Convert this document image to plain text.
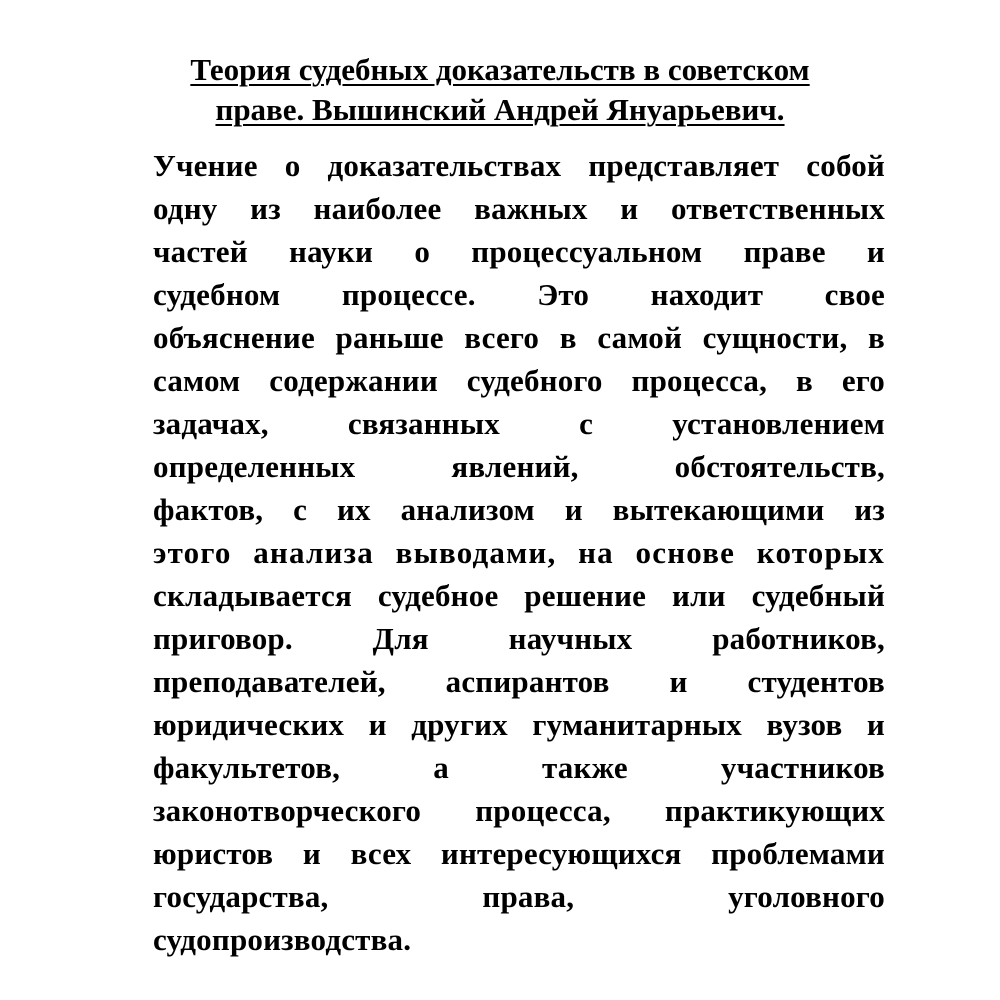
Теория судебных доказательств в советском
праве. Вышинский Андрей Януарьевич.
Учение о доказательствах представляет собой
одну из наиболее важных и ответственных
частей науки о процессуальном праве и
судебном процессе. Это находит свое
объяснение раньше всего в самой сущности, в
самом содержании судебного процесса, в его
задачах, связанных с установлением
определенных явлений, обстоятельств,
фактов, с их анализом и вытекающими из
этого анализа выводами, на основе которых
складывается судебное решение или судебный
приговор. Для научных работников,
преподавателей, аспирантов и студентов
юридических и других гуманитарных вузов и
факультетов, а также участников
законотворческого процесса, практикующих
юристов и всех интересующихся проблемами
государства, права, уголовного
судопроизводства.
